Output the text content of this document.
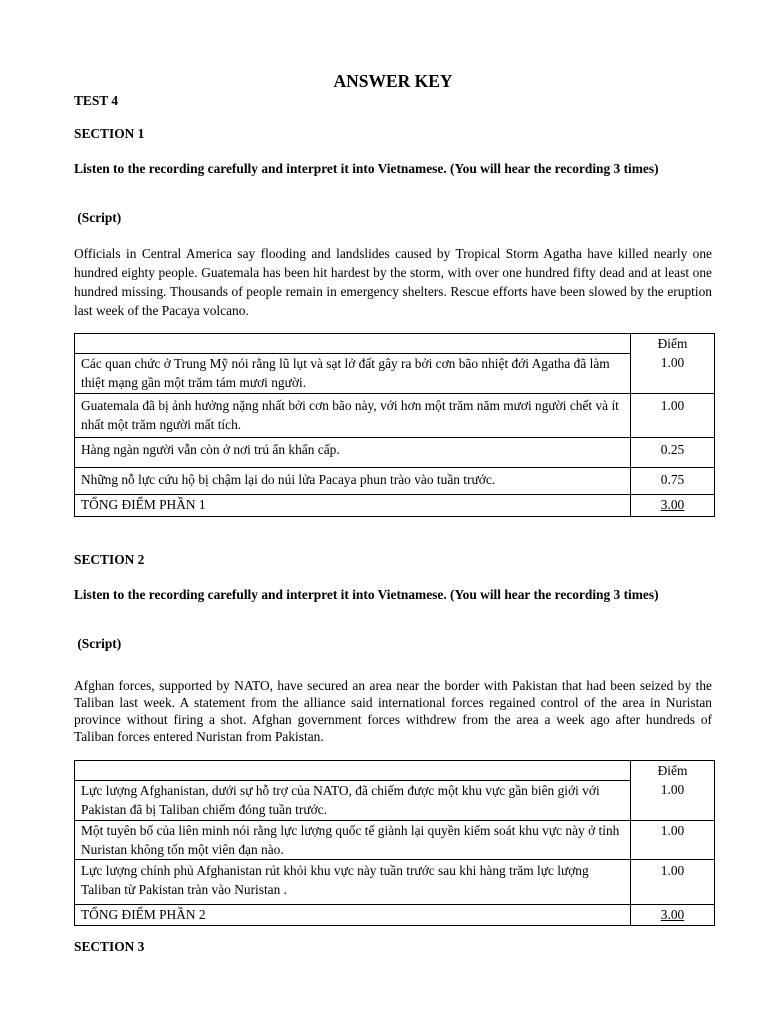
ANSWER KEY
TEST 4
SECTION 1
Listen to the recording carefully and interpret it into Vietnamese. (You will hear the recording 3 times)
(Script)
Officials in Central America say flooding and landslides caused by Tropical Storm Agatha have killed nearly one hundred eighty people. Guatemala has been hit hardest by the storm, with over one hundred fifty dead and at least one hundred missing. Thousands of people remain in emergency shelters. Rescue efforts have been slowed by the eruption last week of the Pacaya volcano.
	Điểm
Các quan chức ở Trung Mỹ nói rằng lũ lụt và sạt lở đất gây ra bởi cơn bão nhiệt đới Agatha đã làm thiệt mạng gần một trăm tám mươi người.	1.00
Guatemala đã bị ảnh hưởng nặng nhất bởi cơn bão này, với hơn một trăm năm mươi người chết và ít nhất một trăm người mất tích.	1.00
Hàng ngàn người vẫn còn ở nơi trú ẩn khẩn cấp.	0.25
Những nỗ lực cứu hộ bị chậm lại do núi lửa Pacaya phun trào vào tuần trước.	0.75
TỔNG ĐIỂM PHẦN 1	3.00
SECTION 2
Listen to the recording carefully and interpret it into Vietnamese. (You will hear the recording 3 times)
(Script)
Afghan forces, supported by NATO, have secured an area near the border with Pakistan that had been seized by the Taliban last week. A statement from the alliance said international forces regained control of the area in Nuristan province without firing a shot. Afghan government forces withdrew from the area a week ago after hundreds of Taliban forces entered Nuristan from Pakistan.
	Điểm
Lực lượng Afghanistan, dưới sự hỗ trợ của NATO, đã chiếm được một khu vực gần biên giới với Pakistan đã bị Taliban chiếm đóng tuần trước.	1.00
Một tuyên bố của liên minh nói rằng lực lượng quốc tế giành lại quyền kiểm soát khu vực này ở tỉnh Nuristan không tốn một viên đạn nào.	1.00
Lực lượng chính phủ Afghanistan rút khỏi khu vực này tuần trước sau khi hàng trăm lực lượng Taliban từ Pakistan tràn vào Nuristan .	1.00
TỔNG ĐIỂM PHẦN 2	3.00
SECTION 3
